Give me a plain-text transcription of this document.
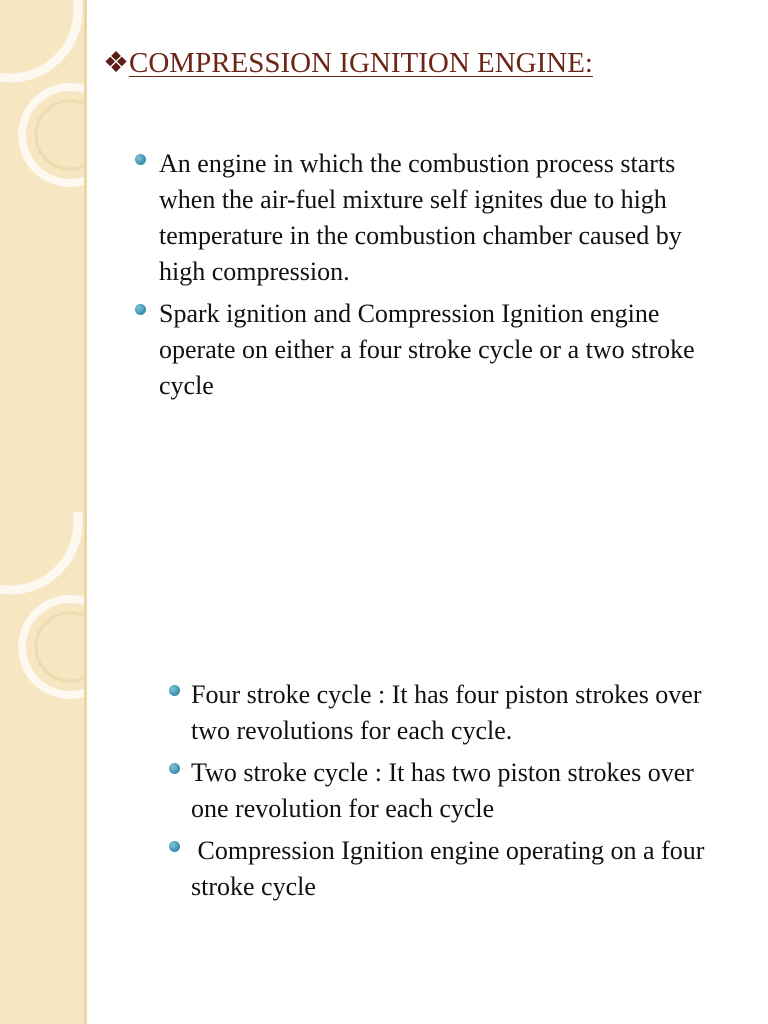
❖COMPRESSION IGNITION ENGINE:
An engine in which the combustion process starts when the air-fuel mixture self ignites due to high temperature in the combustion chamber caused by high compression.
Spark ignition and Compression Ignition engine operate on either a four stroke cycle or a two stroke cycle
Four stroke cycle : It has four piston strokes over two revolutions for each cycle.
Two stroke cycle : It has two piston strokes over one revolution for each cycle
Compression Ignition engine operating on a four stroke cycle
